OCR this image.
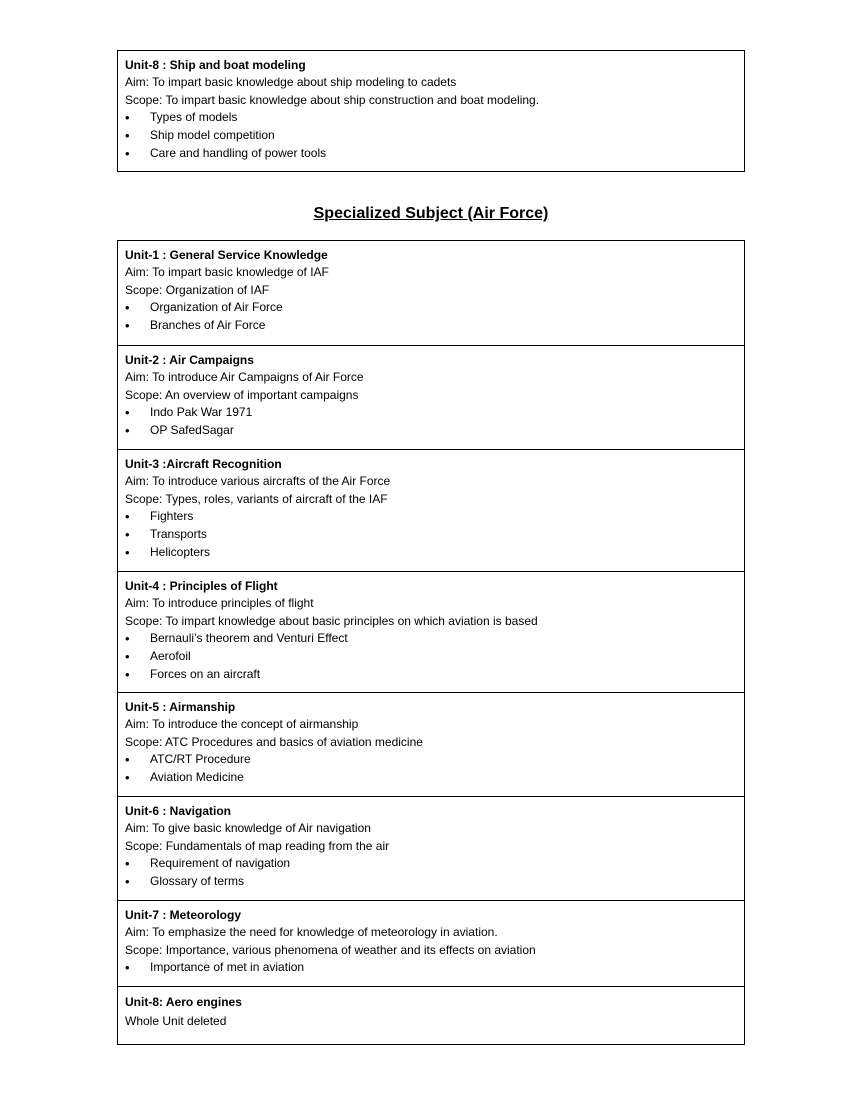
Unit-8 : Ship and boat modeling
Aim: To impart basic knowledge about ship modeling to cadets
Scope: To impart basic knowledge about ship construction and boat modeling.
•	Types of models
•	Ship model competition
•	Care and handling of power tools
Specialized Subject (Air Force)
Unit-1 : General Service Knowledge
Aim: To impart basic knowledge of IAF
Scope: Organization of IAF
•	Organization of Air Force
•	Branches of Air Force
Unit-2 : Air Campaigns
Aim: To introduce Air Campaigns of Air Force
Scope: An overview of important campaigns
•	Indo Pak War 1971
•	OP SafedSagar
Unit-3 :Aircraft Recognition
Aim: To introduce various aircrafts of the Air Force
Scope: Types, roles, variants of aircraft of the IAF
•	Fighters
•	Transports
•	Helicopters
Unit-4 : Principles of Flight
Aim: To introduce principles of flight
Scope: To impart knowledge about basic principles on which aviation is based
•	Bernauli’s theorem and Venturi Effect
•	Aerofoil
•	Forces on an aircraft
Unit-5 : Airmanship
Aim: To introduce the concept of airmanship
Scope: ATC Procedures and basics of aviation medicine
•	ATC/RT Procedure
•	Aviation Medicine
Unit-6 : Navigation
Aim: To give basic knowledge of Air navigation
Scope: Fundamentals of map reading from the air
•	Requirement of navigation
•	Glossary of terms
Unit-7 : Meteorology
Aim: To emphasize the need for knowledge of meteorology in aviation.
Scope: Importance, various phenomena of weather and its effects on aviation
•	Importance of met in aviation
Unit-8: Aero engines
Whole Unit deleted
